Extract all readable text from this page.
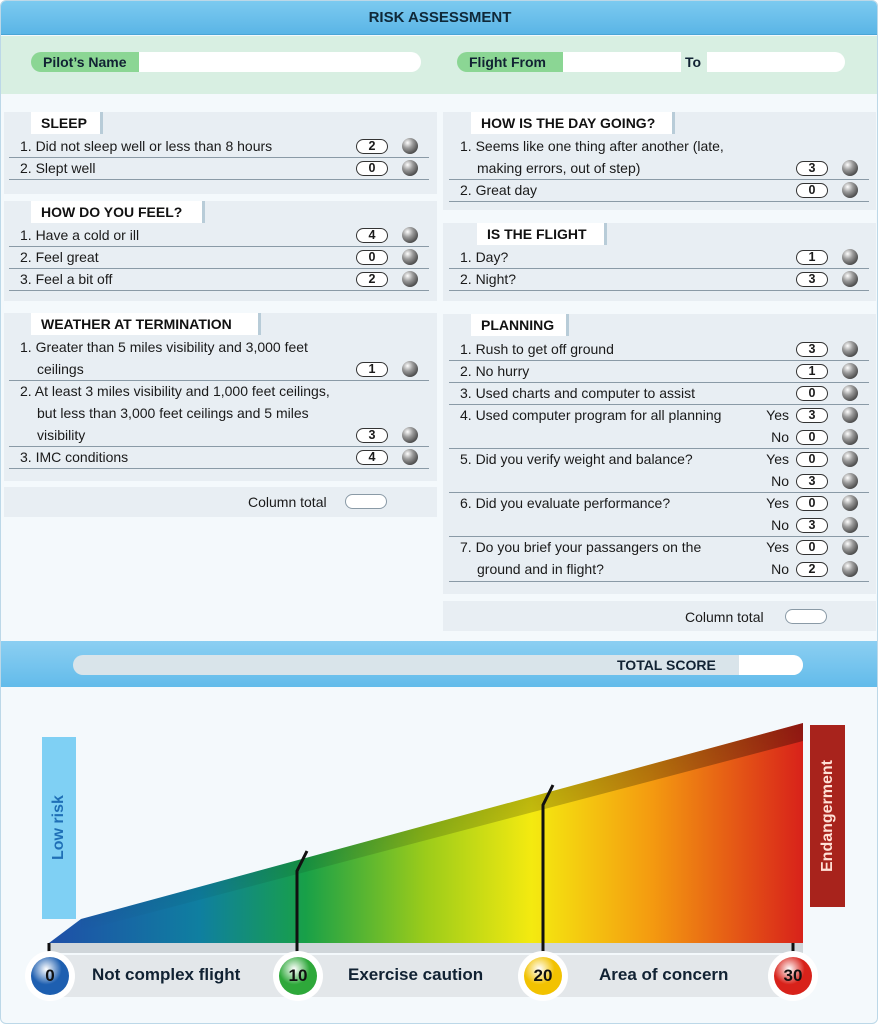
RISK ASSESSMENT
Pilot’s Name	Flight From	To
SLEEP
1. Did not sleep well or less than 8 hours	2
2. Slept well	0
HOW DO YOU FEEL?
1. Have a cold or ill	4
2. Feel great	0
3. Feel a bit off	2
WEATHER AT TERMINATION
1. Greater than 5 miles visibility and 3,000 feet
ceilings	1
2. At least 3 miles visibility and 1,000 feet ceilings,
but less than 3,000 feet ceilings and 5 miles
visibility	3
3. IMC conditions	4
Column total
HOW IS THE DAY GOING?
1. Seems like one thing after another (late,
making errors, out of step)	3
2. Great day	0
IS THE FLIGHT
1. Day?	1
2. Night?	3
PLANNING
1. Rush to get off ground	3
2. No hurry	1
3. Used charts and computer to assist	0
4. Used computer program for all planning	Yes	3
No	0
5. Did you verify weight and balance?	Yes	0
No	3
6. Did you evaluate performance?	Yes	0
No	3
7. Do you brief your passangers on the
ground and in flight?
Yes	0
No	2
Column total
TOTAL SCORE
Low risk	Endangerment
0	10	20	30
Not complex flight	Exercise caution	Area of concern
